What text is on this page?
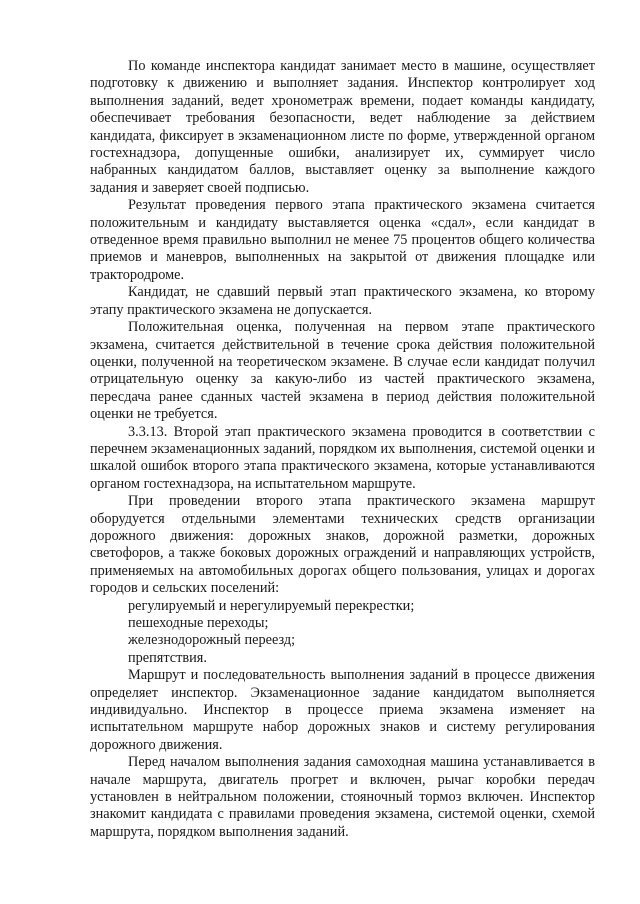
По команде инспектора кандидат занимает место в машине, осуществляет подготовку к движению и выполняет задания. Инспектор контролирует ход выполнения заданий, ведет хронометраж времени, подает команды кандидату, обеспечивает требования безопасности, ведет наблюдение за действием кандидата, фиксирует в экзаменационном листе по форме, утвержденной органом гостехнадзора, допущенные ошибки, анализирует их, суммирует число набранных кандидатом баллов, выставляет оценку за выполнение каждого задания и заверяет своей подписью.

Результат проведения первого этапа практического экзамена считается положительным и кандидату выставляется оценка «сдал», если кандидат в отведенное время правильно выполнил не менее 75 процентов общего количества приемов и маневров, выполненных на закрытой от движения площадке или трактородроме.

Кандидат, не сдавший первый этап практического экзамена, ко второму этапу практического экзамена не допускается.

Положительная оценка, полученная на первом этапе практического экзамена, считается действительной в течение срока действия положительной оценки, полученной на теоретическом экзамене. В случае если кандидат получил отрицательную оценку за какую-либо из частей практического экзамена, пересдача ранее сданных частей экзамена в период действия положительной оценки не требуется.

3.3.13. Второй этап практического экзамена проводится в соответствии с перечнем экзаменационных заданий, порядком их выполнения, системой оценки и шкалой ошибок второго этапа практического экзамена, которые устанавливаются органом гостехнадзора, на испытательном маршруте.

При проведении второго этапа практического экзамена маршрут оборудуется отдельными элементами технических средств организации дорожного движения: дорожных знаков, дорожной разметки, дорожных светофоров, а также боковых дорожных ограждений и направляющих устройств, применяемых на автомобильных дорогах общего пользования, улицах и дорогах городов и сельских поселений:

регулируемый и нерегулируемый перекрестки;

пешеходные переходы;

железнодорожный переезд;

препятствия.

Маршрут и последовательность выполнения заданий в процессе движения определяет инспектор. Экзаменационное задание кандидатом выполняется индивидуально. Инспектор в процессе приема экзамена изменяет на испытательном маршруте набор дорожных знаков и систему регулирования дорожного движения.

Перед началом выполнения задания самоходная машина устанавливается в начале маршрута, двигатель прогрет и включен, рычаг коробки передач установлен в нейтральном положении, стояночный тормоз включен. Инспектор знакомит кандидата с правилами проведения экзамена, системой оценки, схемой маршрута, порядком выполнения заданий.
